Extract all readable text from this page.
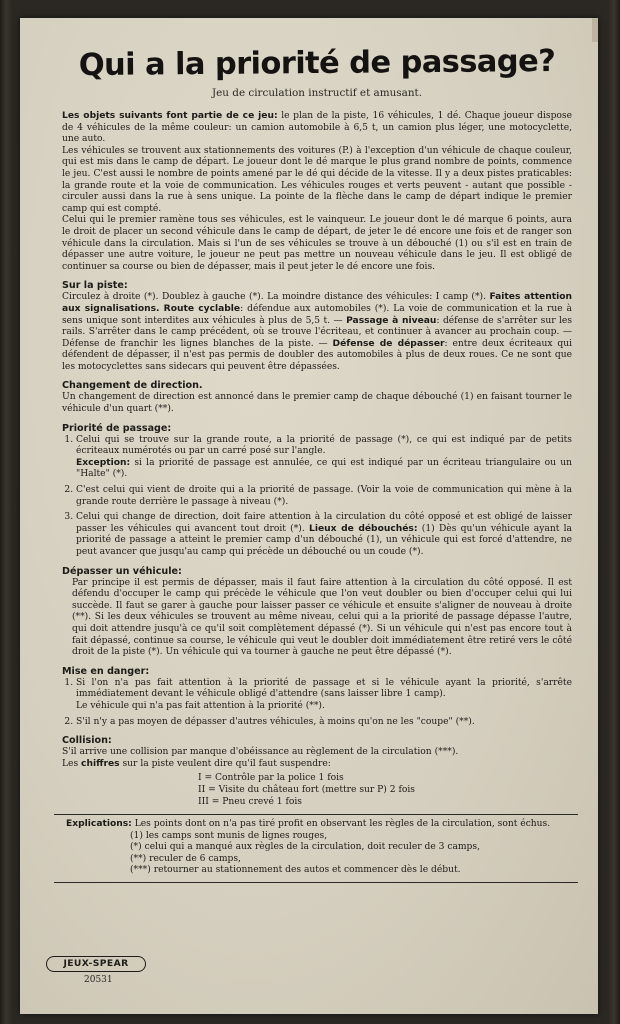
Qui a la priorité de passage?
Jeu de circulation instructif et amusant.

Les objets suivants font partie de ce jeu: le plan de la piste, 16 véhicules, 1 dé. Chaque joueur dispose de 4 véhicules de la même couleur: un camion automobile à 6,5 t, un camion plus léger, une motocyclette, une auto.

Les véhicules se trouvent aux stationnements des voitures (P.) à l'exception d'un véhicule de chaque couleur, qui est mis dans le camp de départ. Le joueur dont le dé marque le plus grand nombre de points, commence le jeu. C'est aussi le nombre de points amené par le dé qui décide de la vitesse. Il y a deux pistes praticables: la grande route et la voie de communication. Les véhicules rouges et verts peuvent - autant que possible - circuler aussi dans la rue à sens unique. La pointe de la flèche dans le camp de départ indique le premier camp qui est compté.

Celui qui le premier ramène tous ses véhicules, est le vainqueur. Le joueur dont le dé marque 6 points, aura le droit de placer un second véhicule dans le camp de départ, de jeter le dé encore une fois et de ranger son véhicule dans la circulation. Mais si l'un de ses véhicules se trouve à un débouché (1) ou s'il est en train de dépasser une autre voiture, le joueur ne peut pas mettre un nouveau véhicule dans le jeu. Il est obligé de continuer sa course ou bien de dépasser, mais il peut jeter le dé encore une fois.

Sur la piste:

Circulez à droite (*). Doublez à gauche (*). La moindre distance des véhicules: I camp (*). Faites attention aux signalisations. Route cyclable: défendue aux automobiles (*). La voie de communication et la rue à sens unique sont interdites aux véhicules à plus de 5,5 t. — Passage à niveau: défense de s'arrêter sur les rails. S'arrêter dans le camp précédent, où se trouve l'écriteau, et continuer à avancer au prochain coup. — Défense de franchir les lignes blanches de la piste. — Défense de dépasser: entre deux écriteaux qui défendent de dépasser, il n'est pas permis de doubler des automobiles à plus de deux roues. Ce ne sont que les motocyclettes sans sidecars qui peuvent être dépassées.

Changement de direction.

Un changement de direction est annoncé dans le premier camp de chaque débouché (1) en faisant tourner le véhicule d'un quart (**).

Priorité de passage:
1. Celui qui se trouve sur la grande route, a la priorité de passage (*), ce qui est indiqué par de petits écriteaux numérotés ou par un carré posé sur l'angle.
Exception: si la priorité de passage est annulée, ce qui est indiqué par un écriteau triangulaire ou un "Halte" (*).
2. C'est celui qui vient de droite qui a la priorité de passage. (Voir la voie de communication qui mène à la grande route derrière le passage à niveau (*).
3. Celui qui change de direction, doit faire attention à la circulation du côté opposé et est obligé de laisser passer les véhicules qui avancent tout droit (*). Lieux de débouchés: (1) Dès qu'un véhicule ayant la priorité de passage a atteint le premier camp d'un débouché (1), un véhicule qui est forcé d'attendre, ne peut avancer que jusqu'au camp qui précède un débouché ou un coude (*).
Dépasser un véhicule:

Par principe il est permis de dépasser, mais il faut faire attention à la circulation du côté opposé. Il est défendu d'occuper le camp qui précède le véhicule que l'on veut doubler ou bien d'occuper celui qui lui succède. Il faut se garer à gauche pour laisser passer ce véhicule et ensuite s'aligner de nouveau à droite (**). Si les deux véhicules se trouvent au même niveau, celui qui a la priorité de passage dépasse l'autre, qui doit attendre jusqu'à ce qu'il soit complètement dépassé (*). Si un véhicule qui n'est pas encore tout à fait dépassé, continue sa course, le véhicule qui veut le doubler doit immédiatement être retiré vers le côté droit de la piste (*). Un véhicule qui va tourner à gauche ne peut être dépassé (*).

Mise en danger:
1. Si l'on n'a pas fait attention à la priorité de passage et si le véhicule ayant la priorité, s'arrête immédiatement devant le véhicule obligé d'attendre (sans laisser libre 1 camp).
Le véhicule qui n'a pas fait attention à la priorité (**).
2. S'il n'y a pas moyen de dépasser d'autres véhicules, à moins qu'on ne les "coupe" (**).
Collision:

S'il arrive une collision par manque d'obéissance au règlement de la circulation (***).

Les chiffres sur la piste veulent dire qu'il faut suspendre:

I = Contrôle par la police 1 fois
II = Visite du château fort (mettre sur P) 2 fois
III = Pneu crevé 1 fois

Explications: Les points dont on n'a pas tiré profit en observant les règles de la circulation, sont échus.

(1) les camps sont munis de lignes rouges,

(*) celui qui a manqué aux règles de la circulation, doit reculer de 3 camps,

(**) reculer de 6 camps,

(***) retourner au stationnement des autos et commencer dès le début.

JEUX-SPEAR
20531
